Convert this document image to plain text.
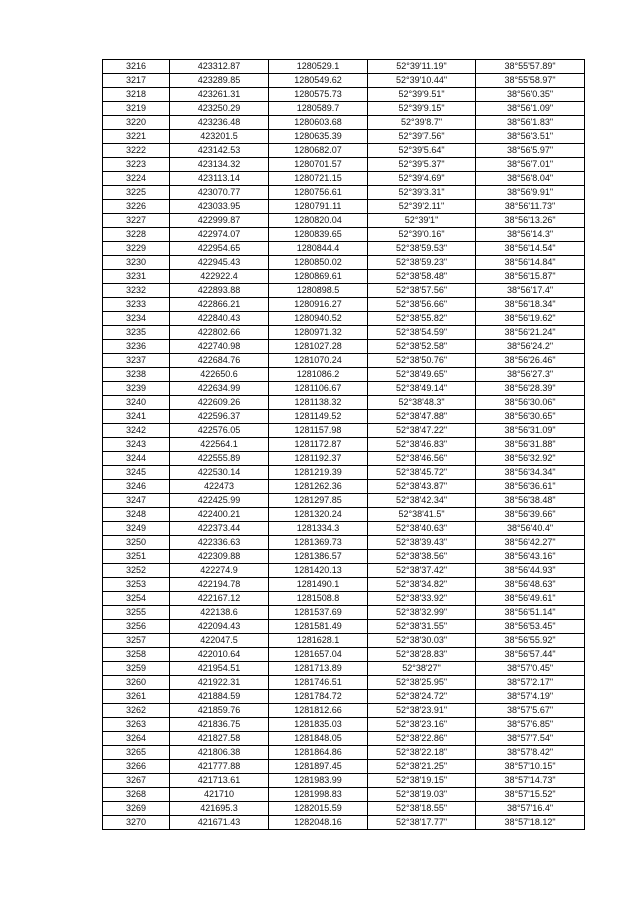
3216	423312.87	1280529.1	52°39'11.19"	38°55'57.89"
3217	423289.85	1280549.62	52°39'10.44"	38°55'58.97"
3218	423261.31	1280575.73	52°39'9.51"	38°56'0.35"
3219	423250.29	1280589.7	52°39'9.15"	38°56'1.09"
3220	423236.48	1280603.68	52°39'8.7"	38°56'1.83"
3221	423201.5	1280635.39	52°39'7.56"	38°56'3.51"
3222	423142.53	1280682.07	52°39'5.64"	38°56'5.97"
3223	423134.32	1280701.57	52°39'5.37"	38°56'7.01"
3224	423113.14	1280721.15	52°39'4.69"	38°56'8.04"
3225	423070.77	1280756.61	52°39'3.31"	38°56'9.91"
3226	423033.95	1280791.11	52°39'2.11"	38°56'11.73"
3227	422999.87	1280820.04	52°39'1"	38°56'13.26"
3228	422974.07	1280839.65	52°39'0.16"	38°56'14.3"
3229	422954.65	1280844.4	52°38'59.53"	38°56'14.54"
3230	422945.43	1280850.02	52°38'59.23"	38°56'14.84"
3231	422922.4	1280869.61	52°38'58.48"	38°56'15.87"
3232	422893.88	1280898.5	52°38'57.56"	38°56'17.4"
3233	422866.21	1280916.27	52°38'56.66"	38°56'18.34"
3234	422840.43	1280940.52	52°38'55.82"	38°56'19.62"
3235	422802.66	1280971.32	52°38'54.59"	38°56'21.24"
3236	422740.98	1281027.28	52°38'52.58"	38°56'24.2"
3237	422684.76	1281070.24	52°38'50.76"	38°56'26.46"
3238	422650.6	1281086.2	52°38'49.65"	38°56'27.3"
3239	422634.99	1281106.67	52°38'49.14"	38°56'28.39"
3240	422609.26	1281138.32	52°38'48.3"	38°56'30.06"
3241	422596.37	1281149.52	52°38'47.88"	38°56'30.65"
3242	422576.05	1281157.98	52°38'47.22"	38°56'31.09"
3243	422564.1	1281172.87	52°38'46.83"	38°56'31.88"
3244	422555.89	1281192.37	52°38'46.56"	38°56'32.92"
3245	422530.14	1281219.39	52°38'45.72"	38°56'34.34"
3246	422473	1281262.36	52°38'43.87"	38°56'36.61"
3247	422425.99	1281297.85	52°38'42.34"	38°56'38.48"
3248	422400.21	1281320.24	52°38'41.5"	38°56'39.66"
3249	422373.44	1281334.3	52°38'40.63"	38°56'40.4"
3250	422336.63	1281369.73	52°38'39.43"	38°56'42.27"
3251	422309.88	1281386.57	52°38'38.56"	38°56'43.16"
3252	422274.9	1281420.13	52°38'37.42"	38°56'44.93"
3253	422194.78	1281490.1	52°38'34.82"	38°56'48.63"
3254	422167.12	1281508.8	52°38'33.92"	38°56'49.61"
3255	422138.6	1281537.69	52°38'32.99"	38°56'51.14"
3256	422094.43	1281581.49	52°38'31.55"	38°56'53.45"
3257	422047.5	1281628.1	52°38'30.03"	38°56'55.92"
3258	422010.64	1281657.04	52°38'28.83"	38°56'57.44"
3259	421954.51	1281713.89	52°38'27"	38°57'0.45"
3260	421922.31	1281746.51	52°38'25.95"	38°57'2.17"
3261	421884.59	1281784.72	52°38'24.72"	38°57'4.19"
3262	421859.76	1281812.66	52°38'23.91"	38°57'5.67"
3263	421836.75	1281835.03	52°38'23.16"	38°57'6.85"
3264	421827.58	1281848.05	52°38'22.86"	38°57'7.54"
3265	421806.38	1281864.86	52°38'22.18"	38°57'8.42"
3266	421777.88	1281897.45	52°38'21.25"	38°57'10.15"
3267	421713.61	1281983.99	52°38'19.15"	38°57'14.73"
3268	421710	1281998.83	52°38'19.03"	38°57'15.52"
3269	421695.3	1282015.59	52°38'18.55"	38°57'16.4"
3270	421671.43	1282048.16	52°38'17.77"	38°57'18.12"
